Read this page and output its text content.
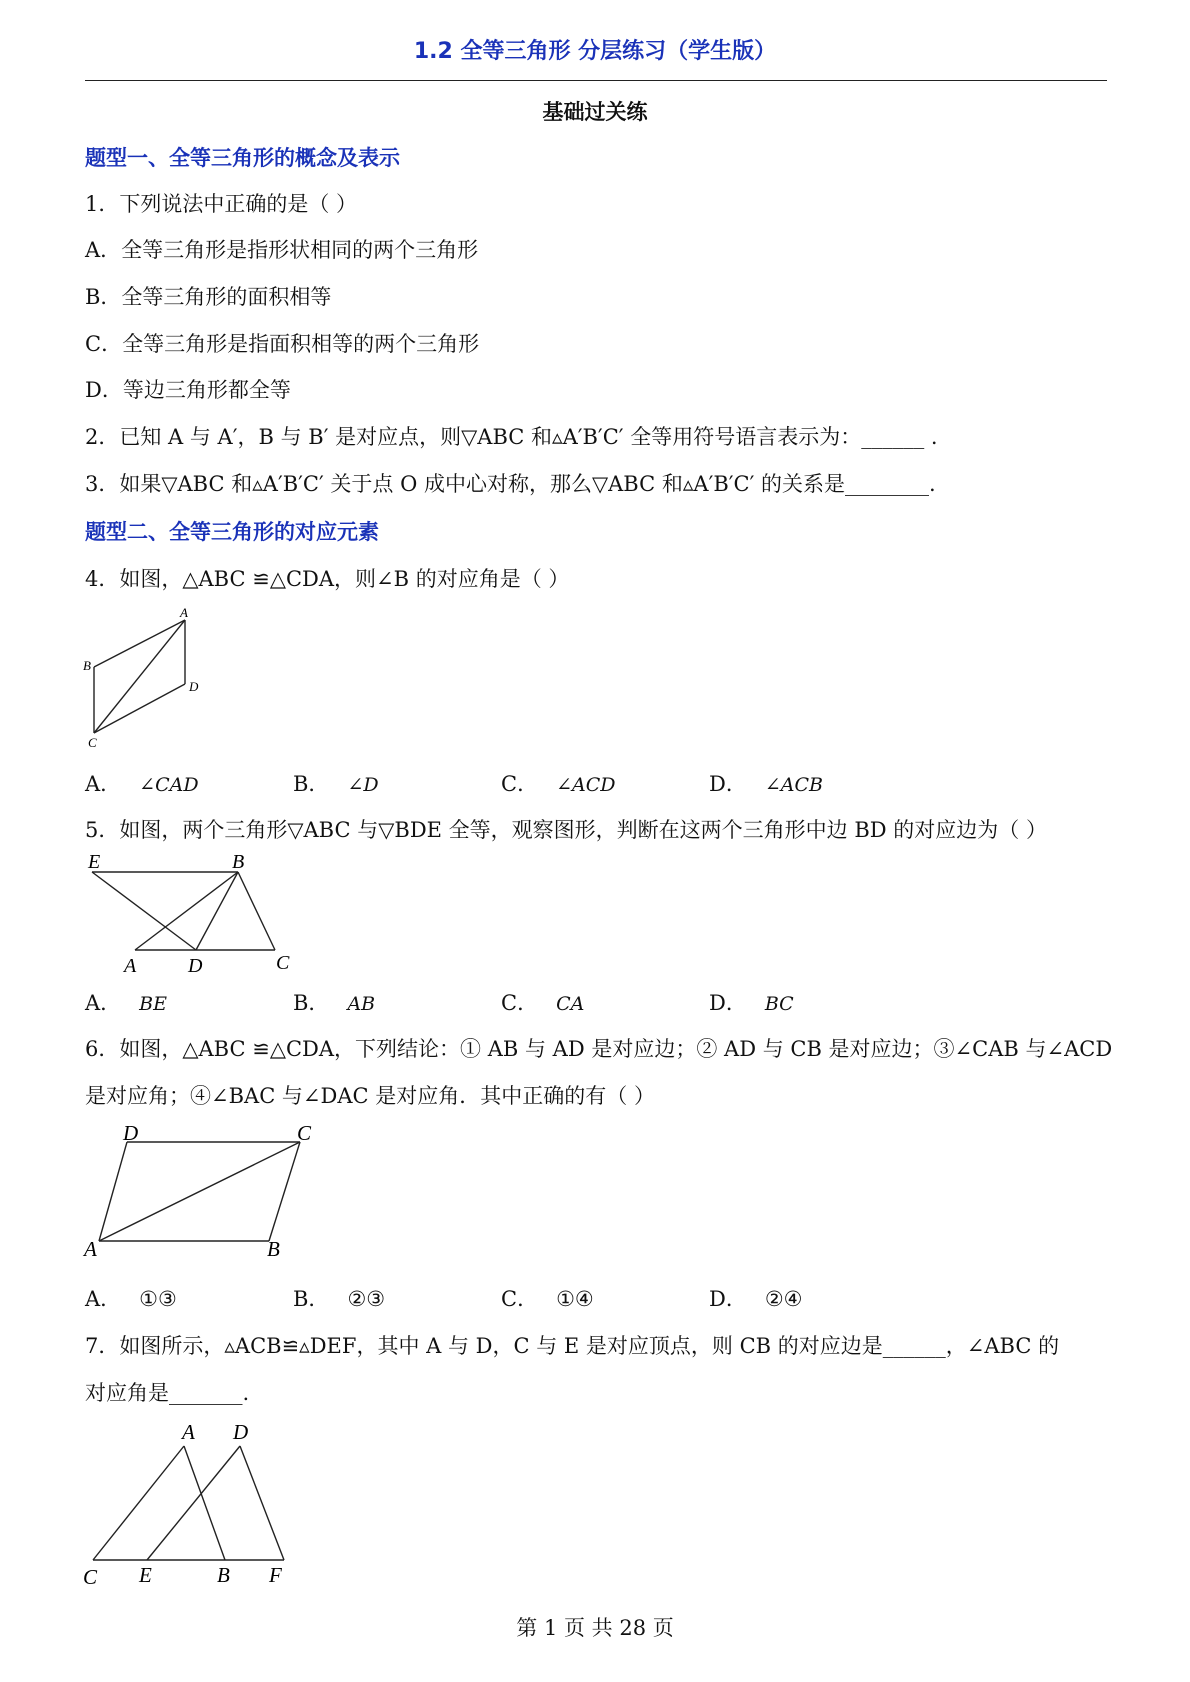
1.2 全等三角形 分层练习（学生版）
基础过关练
题型一、全等三角形的概念及表示
1．下列说法中正确的是（ ）
A．全等三角形是指形状相同的两个三角形
B．全等三角形的面积相等
C．全等三角形是指面积相等的两个三角形
D．等边三角形都全等
2．已知 A 与 A′，B 与 B′ 是对应点，则▽ABC 和▵A′B′C′ 全等用符号语言表示为：______ .
3．如果▽ABC 和▵A′B′C′ 关于点 O 成中心对称，那么▽ABC 和▵A′B′C′ 的关系是________.
题型二、全等三角形的对应元素
4．如图，△ABC ≌△CDA，则∠B 的对应角是（ ）
A
B
C
D
A． ∠CAD	B． ∠D	C． ∠ACD	D． ∠ACB
5．如图，两个三角形▽ABC 与▽BDE 全等，观察图形，判断在这两个三角形中边 BD 的对应边为（ ）
E	B
A	D	C
A． BE	B． AB	C． CA	D． BC
6．如图，△ABC ≌△CDA，下列结论：① AB 与 AD 是对应边；② AD 与 CB 是对应边；③∠CAB 与∠ACD
是对应角；④∠BAC 与∠DAC 是对应角．其中正确的有（ ）
D	C
A	B
A． ①③	B． ②③	C． ①④	D． ②④
7．如图所示，▵ACB≌▵DEF，其中 A 与 D，C 与 E 是对应顶点，则 CB 的对应边是______，∠ABC 的
对应角是_______.
A D
C E	B F
第 1 页 共 28 页
